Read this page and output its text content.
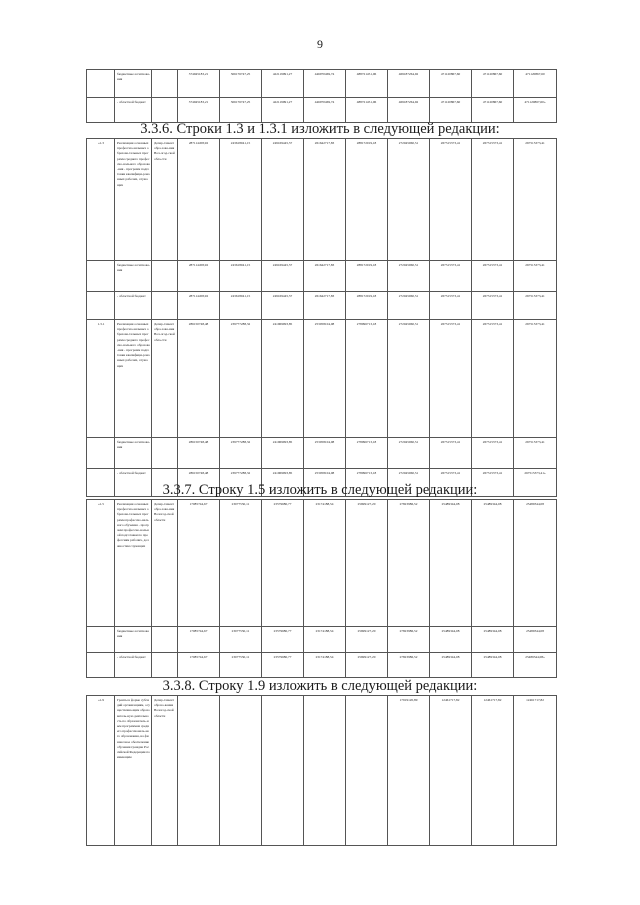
9
	бюджетные ассигнова-ния		374945183,21	306176747,25	422119991,27	446970469,74	488721451,06	469187264,92	471120867,60	471120867,60	471120867,60
	- областной бюджет		374945183,21	306176747,25	422119991,27	446970469,74	488721451,06	469187264,92	471120867,60	471120867,60	471120867,60»
3.3.6. Строки 1.3 и 1.3.1 изложить в следующей редакции:
«1.3	Реализация основных профессио-нальных образова-тельных программ среднего профессио-нального образова-ния - программ подготовки квалифици-рованных рабочих, служащих	Депар-тамент обра-зова-ния Вол-огод-ской обла-сти	287114458,92	243618041,15	249169445,57	261642717,83	288172019,18	272045060,51	267515373,41	267515373,41	267515373,41
	бюджетные ассигнова-ния		287114458,92	243618041,15	249169445,57	261642717,83	288172019,18	272045060,51	267515373,41	267515373,41	267515373,41
	- областной бюджет		287114458,92	243618041,15	249169445,57	261642717,83	288172019,18	272045060,51	267515373,41	267515373,41	267515373,41
1.3.1	Реализация основных профессио-нальных образова-тельных программ среднего профессио-нального образова-ния - программ подготовки квалифици-рованных рабочих, служащих	Депар-тамент обра-зова-ния Вол-огод-ской обла-сти	286150748,48	239777288,32	241969993,85	253058104,08	278096713,18	272045060,51	267515373,41	267515373,41	267515373,41
	бюджетные ассигнова-ния		286150748,48	239777288,32	241969993,85	253058104,08	278096713,18	272045060,51	267515373,41	267515373,41	267515373,41
	- областной бюджет		286150748,48	239777288,32	241969993,85	253058104,08	278096713,18	272045060,51	267515373,41	267515373,41	267515373,41»
3.3.7. Строку 1.5 изложить в следующей редакции:
«1.5	Реализация основных профессио-нальных образова-тельных программ профессио-нального обучения - программ профессио-нальной подготовки по профессиям рабочих, должностям служащих	Депар-тамент обра-зова-ния Вологод-ской области	17085744,67	23077550,11	23579680,77	23174188,54	25699127,20	27823986,52	25489344,08	25489344,08	25489344,08
	бюджетные ассигнования		17085744,67	23077550,11	23579680,77	23174188,54	25699127,20	27823986,52	25489344,08	25489344,08	25489344,08
	- областной бюджет		17085744,67	23077550,11	23579680,77	23174188,54	25699127,20	27823986,52	25489344,08	25489344,08	25489344,08»
3.3.8. Строку 1.9 изложить в следующей редакции:
«1.9	Гранты в форме субсидий организациям, осуществляю-щим образователь-ную деятельность по образователь-ным программам среднего профессиональ-ного образования, на финансовое обеспечение обучения граждан Российской Федерации по имеющим	Депар-тамент образо-вания Вологод-ской области						17919120,89	12461717,82	12461717,82	12461717,82
